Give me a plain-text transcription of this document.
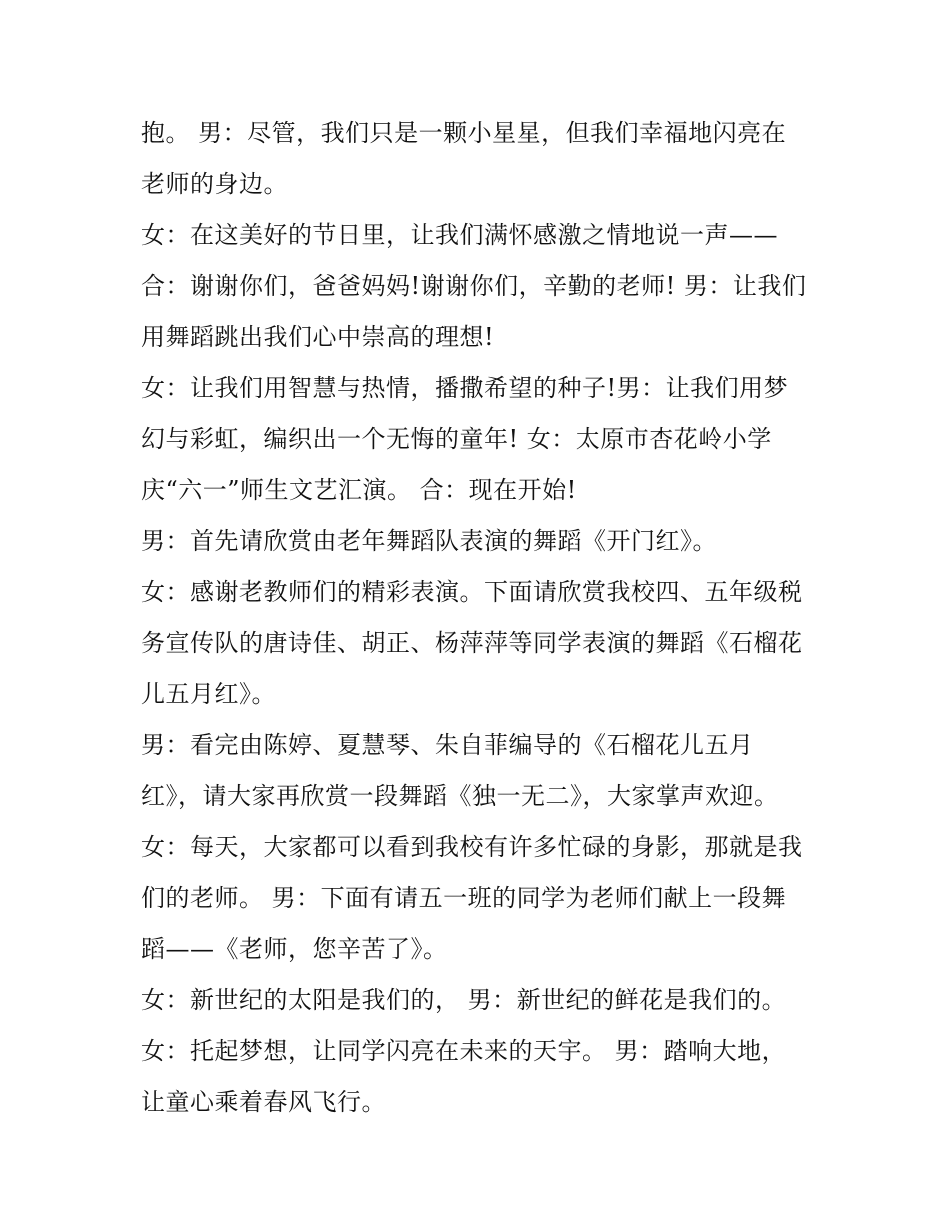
抱。 男：尽管，我们只是一颗小星星，但我们幸福地闪亮在
老师的身边。
女：在这美好的节日里，让我们满怀感激之情地说一声——
合：谢谢你们，爸爸妈妈!谢谢你们，辛勤的老师! 男：让我们
用舞蹈跳出我们心中崇高的理想!
女：让我们用智慧与热情，播撒希望的种子!男：让我们用梦
幻与彩虹，编织出一个无悔的童年! 女：太原市杏花岭小学
庆“六一”师生文艺汇演。 合：现在开始!
男：首先请欣赏由老年舞蹈队表演的舞蹈《开门红》。
女：感谢老教师们的精彩表演。下面请欣赏我校四、五年级税
务宣传队的唐诗佳、胡正、杨萍萍等同学表演的舞蹈《石榴花
儿五月红》。
男：看完由陈婷、夏慧琴、朱自菲编导的《石榴花儿五月
红》，请大家再欣赏一段舞蹈《独一无二》，大家掌声欢迎。
女：每天，大家都可以看到我校有许多忙碌的身影，那就是我
们的老师。 男：下面有请五一班的同学为老师们献上一段舞
蹈——《老师，您辛苦了》。
女：新世纪的太阳是我们的， 男：新世纪的鲜花是我们的。
女：托起梦想，让同学闪亮在未来的天宇。 男：踏响大地，
让童心乘着春风飞行。
